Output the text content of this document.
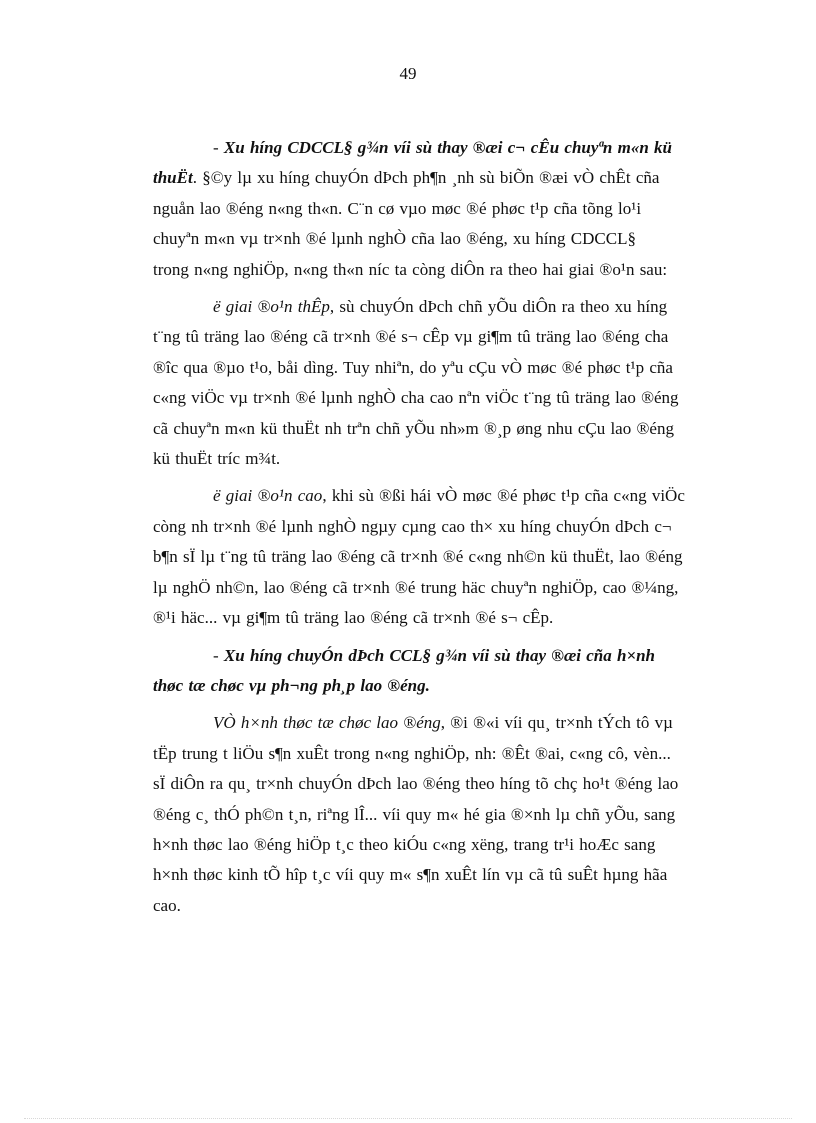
49

- Xu híng CDCCL§ g¾n víi sù thay ®æi c¬ cÊu chuyªn m«n kü
thuËt. §©y lµ xu híng chuyÓn dÞch ph¶n ¸nh sù biÕn ®æi vÒ chÊt cña
nguån lao ®éng n«ng th«n. C¨n cø vµo møc ®é phøc t¹p cña tõng lo¹i
chuyªn m«n vµ tr×nh ®é lµnh nghÒ cña lao ®éng, xu híng CDCCL§
trong n«ng nghiÖp, n«ng th«n níc ta còng diÔn ra theo hai giai ®o¹n sau:

ë giai ®o¹n thÊp, sù chuyÓn dÞch chñ yÕu diÔn ra theo xu híng
t¨ng tû träng lao ®éng cã tr×nh ®é s¬ cÊp vµ gi¶m tû träng lao ®éng cha
®îc qua ®µo t¹o, båi dìng. Tuy nhiªn, do yªu cÇu vÒ møc ®é phøc t¹p cña
c«ng viÖc vµ tr×nh ®é lµnh nghÒ cha cao nªn viÖc t¨ng tû träng lao ®éng
cã chuyªn m«n kü thuËt nh trªn chñ yÕu nh»m ®¸p øng nhu cÇu lao ®éng
kü thuËt tríc m¾t.

ë giai ®o¹n cao, khi sù ®ßi hái vÒ møc ®é phøc t¹p cña c«ng viÖc
còng nh tr×nh ®é lµnh nghÒ ngµy cµng cao th× xu híng chuyÓn dÞch c¬
b¶n sÏ lµ t¨ng tû träng lao ®éng cã tr×nh ®é c«ng nh©n kü thuËt, lao ®éng
lµ nghÖ nh©n, lao ®éng cã tr×nh ®é trung häc chuyªn nghiÖp, cao ®¼ng,
®¹i häc... vµ gi¶m tû träng lao ®éng cã tr×nh ®é s¬ cÊp.

- Xu híng chuyÓn dÞch CCL§ g¾n víi sù thay ®æi cña h×nh
thøc tæ chøc vµ ph¬ng ph¸p lao ®éng.

VÒ h×nh thøc tæ chøc lao ®éng, ®i ®«i víi qu¸ tr×nh tÝch tô vµ
tËp trung t liÖu s¶n xuÊt trong n«ng nghiÖp, nh: ®Êt ®ai, c«ng cô, vèn...
sÏ diÔn ra qu¸ tr×nh chuyÓn dÞch lao ®éng theo híng tõ chç ho¹t ®éng lao
®éng c¸ thÓ ph©n t¸n, riªng lÎ... víi quy m« hé gia ®×nh lµ chñ yÕu, sang
h×nh thøc lao ®éng hiÖp t¸c theo kiÓu c«ng xëng, trang tr¹i hoÆc sang
h×nh thøc kinh tÕ hîp t¸c víi quy m« s¶n xuÊt lín vµ cã tû suÊt hµng hãa
cao.
